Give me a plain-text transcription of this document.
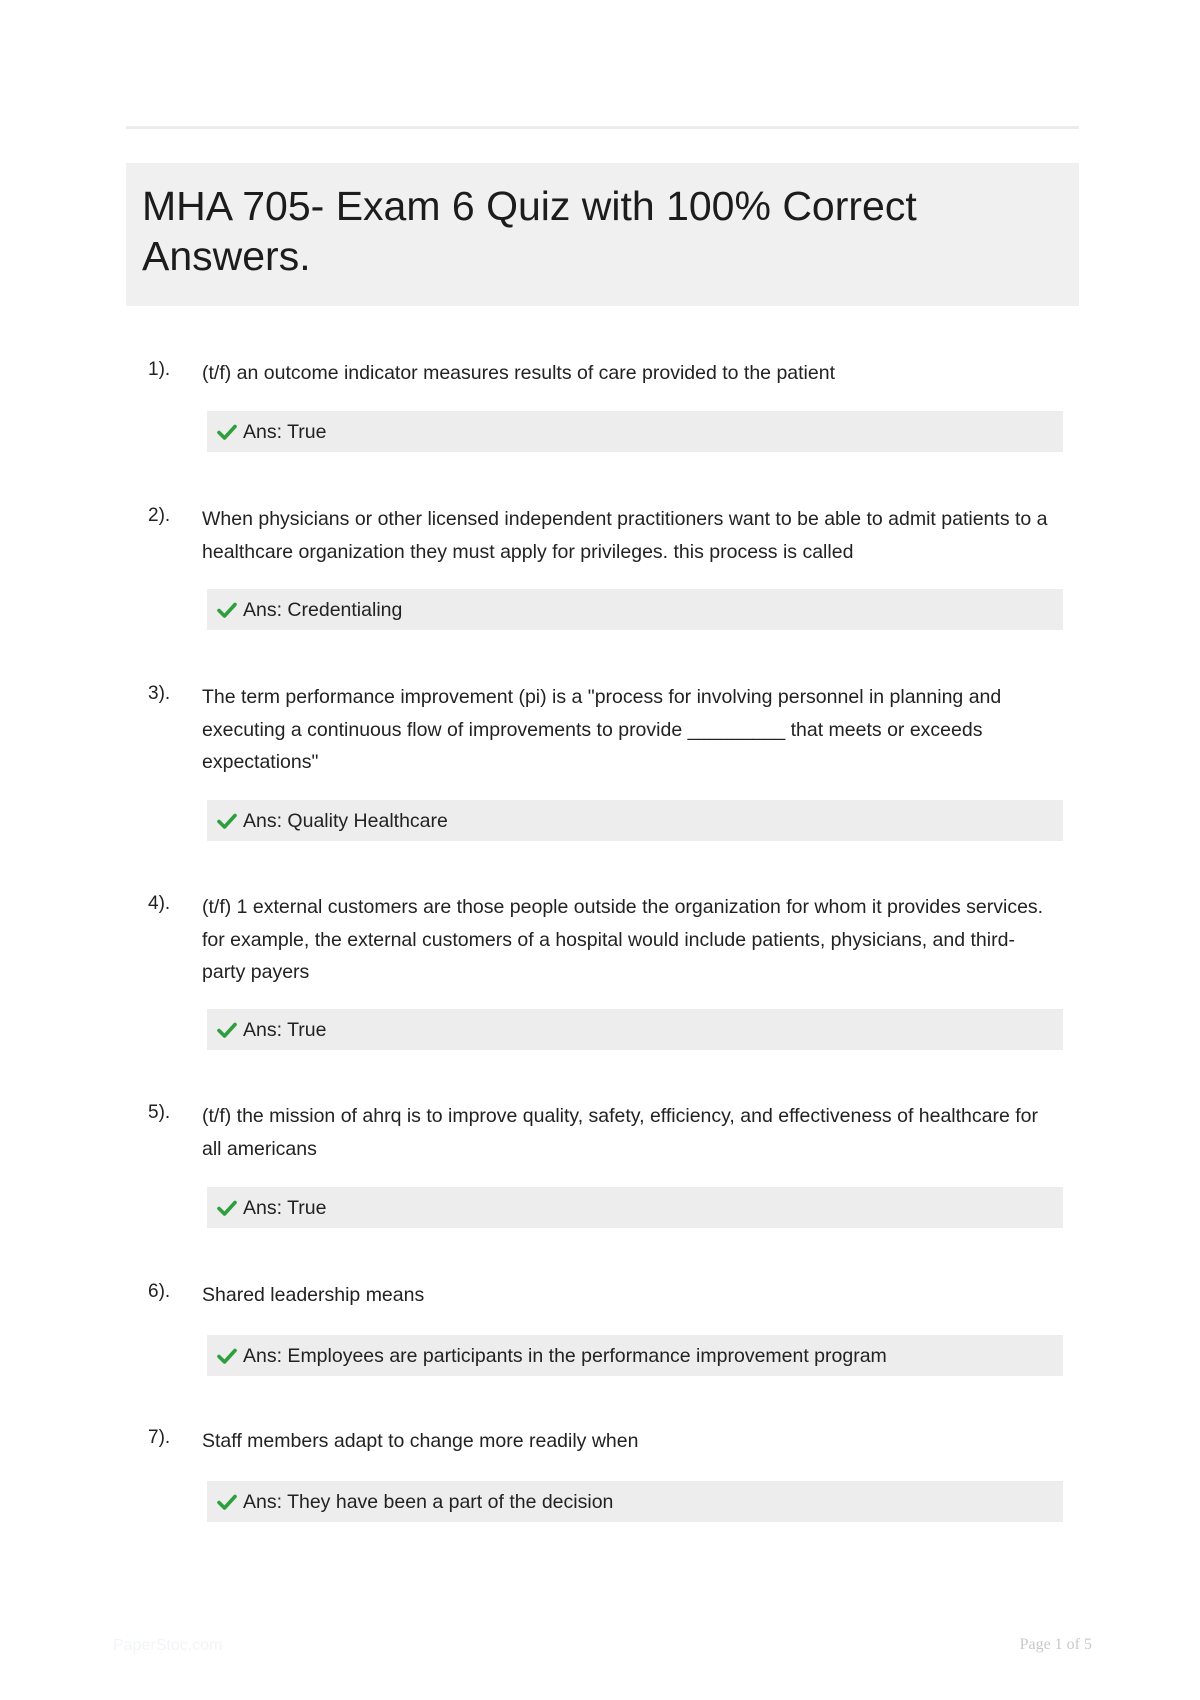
MHA 705- Exam 6 Quiz with 100% Correct Answers.
1). (t/f) an outcome indicator measures results of care provided to the patient
Ans: True
2). When physicians or other licensed independent practitioners want to be able to admit patients to a healthcare organization they must apply for privileges. this process is called
Ans: Credentialing
3). The term performance improvement (pi) is a "process for involving personnel in planning and executing a continuous flow of improvements to provide _________ that meets or exceeds expectations"
Ans: Quality Healthcare
4). (t/f) 1 external customers are those people outside the organization for whom it provides services. for example, the external customers of a hospital would include patients, physicians, and third-party payers
Ans: True
5). (t/f) the mission of ahrq is to improve quality, safety, efficiency, and effectiveness of healthcare for all americans
Ans: True
6). Shared leadership means
Ans: Employees are participants in the performance improvement program
7). Staff members adapt to change more readily when
Ans: They have been a part of the decision
PaperStoc.com	Page 1 of 5
